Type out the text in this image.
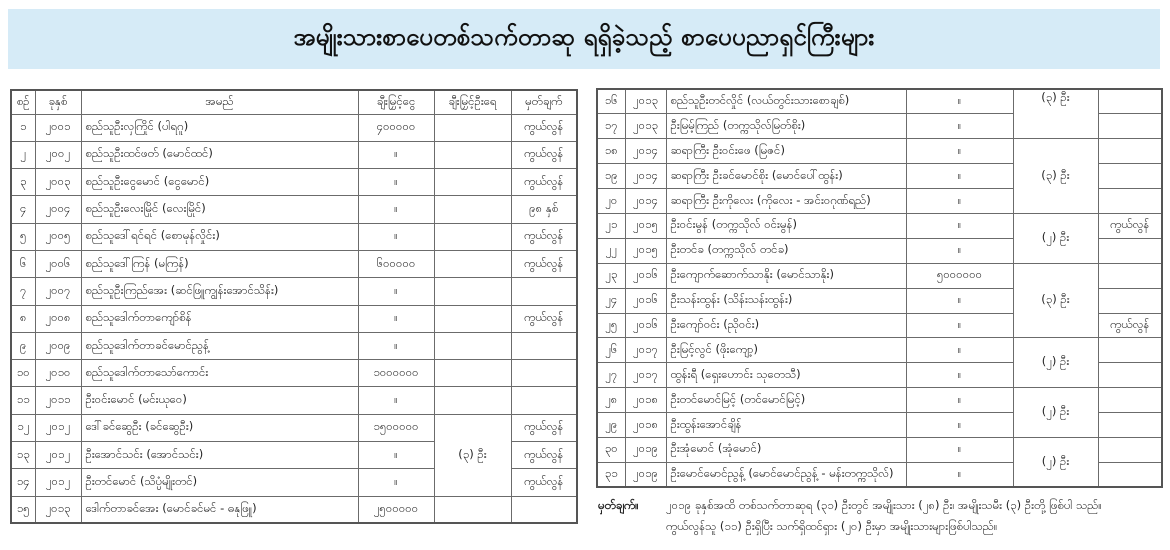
အမျိုးသားစာပေတစ်သက်တာဆု ရရှိခဲ့သည့် စာပေပညာရှင်ကြီးများ
စဉ်	ခုနှစ်	အမည်	ချီးမြှင့်ငွေ	ချီးမြှင့်ဦးရေ	မှတ်ချက်
၁	၂၀၀၁	စည်သူဦးလှကြိုင် (ပါရဂူ)	၄၀၀၀၀၀		ကွယ်လွန်
၂	၂၀၀၂	စည်သူဦးထင်ဖတ် (မောင်ထင်)	။		ကွယ်လွန်
၃	၂၀၀၃	စည်သူဦးငွေမောင် (ငွေမောင်)	။		ကွယ်လွန်
၄	၂၀၀၄	စည်သူဦးလေးမြိုင် (လေးမြိုင်)	။		၉၈ နှစ်
၅	၂၀၀၅	စည်သူဒေါ်ရင်ရင် (စောမုန်လှိုင်း)	။		ကွယ်လွန်
၆	၂၀၀၆	စည်သူဒေါ်ကြန် (မကြန်)	၆၀၀၀၀၀		ကွယ်လွန်
၇	၂၀၀၇	စည်သူဦးကြည်အေး (ဆင်ဖြူကျွန်းအောင်သိန်း)	။		
၈	၂၀၀၈	စည်သူဒေါက်တာကျော်စိန်	။		ကွယ်လွန်
၉	၂၀၀၉	စည်သူဒေါက်တာခင်မောင်ညွန့်	။		
၁၀	၂၀၁၀	စည်သူဒေါက်တာသော်ကောင်း	၁၀၀၀၀၀၀		
၁၁	၂၀၁၁	ဦးဝင်းမောင် (မင်းယုဝေ)	။		
၁၂	၂၀၁၂	ဒေါ်ခင်ဆွေဦး (ခင်ဆွေဦး)	၁၅၀၀၀၀၀	(၃) ဦး	ကွယ်လွန်
၁၃	၂၀၁၂	ဦးအောင်သင်း (အောင်သင်း)	။		ကွယ်လွန်
၁၄	၂၀၁၂	ဦးတင်မောင် (သိပ္ပံမျိုးတင်)	။		ကွယ်လွန်
၁၅	၂၀၁၃	ဒေါက်တာခင်အေး (မောင်ခင်မင် - ဓနုဖြူ)	၂၅၀၀၀၀၀		
၁၆	၂၀၁၃	စည်သူဦးတင်လှိုင် (လယ်တွင်းသားစောချစ်)	။	(၃) ဦး	
၁၇	၂၀၁၃	ဦးမြမ့်ကြည် (တက္ကသိုလ်မြတ်စိုး)	။		
၁၈	၂၀၁၄	ဆရာကြီး ဦးဝင်းဖေ (မြဇင်)	။	(၃) ဦး	
၁၉	၂၀၁၄	ဆရာကြီး ဦးခင်မောင်စိုး (မောင်ပေါ်ထွန်း)	။		
၂၀	၂၀၁၄	ဆရာကြီး ဦးကိုလေး (ကိုလေး - အင်းဝဂုဏ်ရည်)	။		
၂၁	၂၀၁၅	ဦးဝင်းမွန် (တက္ကသိုလ် ဝင်းမွန်)	။	(၂) ဦး	ကွယ်လွန်
၂၂	၂၀၁၅	ဦးတင်ခ (တက္ကသိုလ် တင်ခ)	။		
၂၃	၂၀၁၆	ဦးကျောက်ဆောက်သာနိုး (မောင်သာနိုး)	၅၀၀၀၀၀၀	(၃) ဦး	
၂၄	၂၀၁၆	ဦးသန်းထွန်း (သိန်းသန်းထွန်း)	။		
၂၅	၂၀၁၆	ဦးကျော်ဝင်း (ညိုဝင်း)	။		ကွယ်လွန်
၂၆	၂၀၁၇	ဦးမြင့်လွင် (ဖိုးကျော့)	။	(၂) ဦး	
၂၇	၂၀၁၇	ထွန်းရီ (ရှေးဟောင်း သုတေသီ)	။		
၂၈	၂၀၁၈	ဦးတင်မောင်မြင့် (တင်မောင်မြင့်)	။	(၂) ဦး	
၂၉	၂၀၁၈	ဦးထွန်းအောင်ချိန်	။		
၃၀	၂၀၁၉	ဦးအုံမောင် (အုံမောင်)	။	(၂) ဦး	
၃၁	၂၀၁၉	ဦးမောင်မောင်ညွန့် (မောင်မောင်ညွန့် - မန်းတက္ကသိုလ်)	။		
မှတ်ချက်။ ၂၀၁၉ ခုနှစ်အထိ တစ်သက်တာဆုရ (၃၁) ဦးတွင် အမျိုးသား (၂၈) ဦး၊ အမျိုးသမီး (၃) ဦးတို့ ဖြစ်ပါ သည်။
ကွယ်လွန်သူ (၁၁) ဦးရှိပြီး သက်ရှိထင်ရှား (၂၀) ဦးမှာ အမျိုးသားများဖြစ်ပါသည်။
